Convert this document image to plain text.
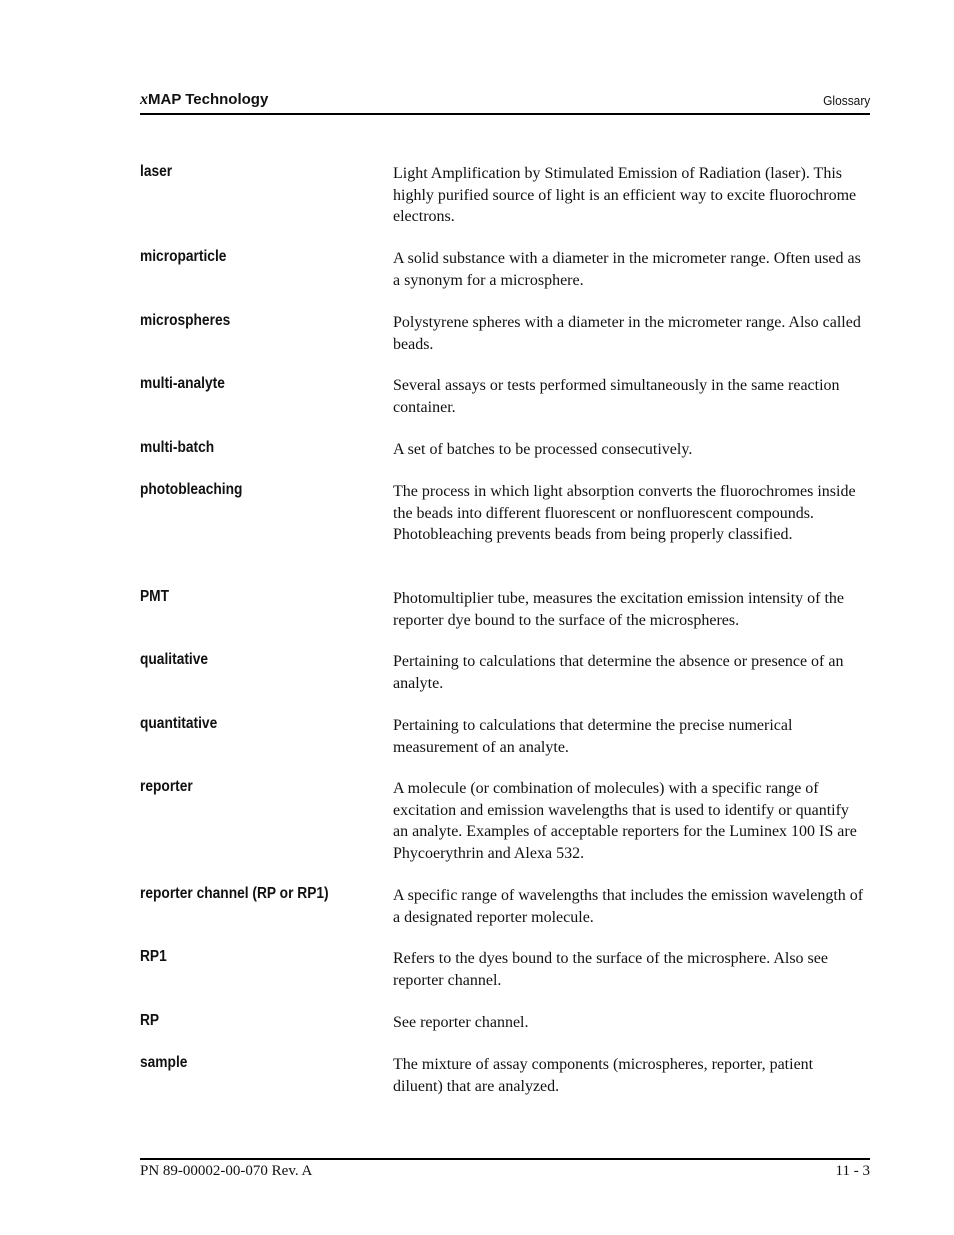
xMAP Technology	Glossary
laser	Light Amplification by Stimulated Emission of Radiation (laser). This highly purified source of light is an efficient way to excite fluorochrome electrons.
microparticle	A solid substance with a diameter in the micrometer range. Often used as a synonym for a microsphere.
microspheres	Polystyrene spheres with a diameter in the micrometer range. Also called beads.
multi-analyte	Several assays or tests performed simultaneously in the same reaction container.
multi-batch	A set of batches to be processed consecutively.
photobleaching	The process in which light absorption converts the fluorochromes inside the beads into different fluorescent or nonfluorescent compounds. Photobleaching prevents beads from being properly classified.
PMT	Photomultiplier tube, measures the excitation emission intensity of the reporter dye bound to the surface of the microspheres.
qualitative	Pertaining to calculations that determine the absence or presence of an analyte.
quantitative	Pertaining to calculations that determine the precise numerical measurement of an analyte.
reporter	A molecule (or combination of molecules) with a specific range of excitation and emission wavelengths that is used to identify or quantify an analyte. Examples of acceptable reporters for the Luminex 100 IS are Phycoerythrin and Alexa 532.
reporter channel (RP or RP1)	A specific range of wavelengths that includes the emission wavelength of a designated reporter molecule.
RP1	Refers to the dyes bound to the surface of the microsphere. Also see reporter channel.
RP	See reporter channel.
sample	The mixture of assay components (microspheres, reporter, patient diluent) that are analyzed.
PN 89-00002-00-070 Rev. A	11 - 3
